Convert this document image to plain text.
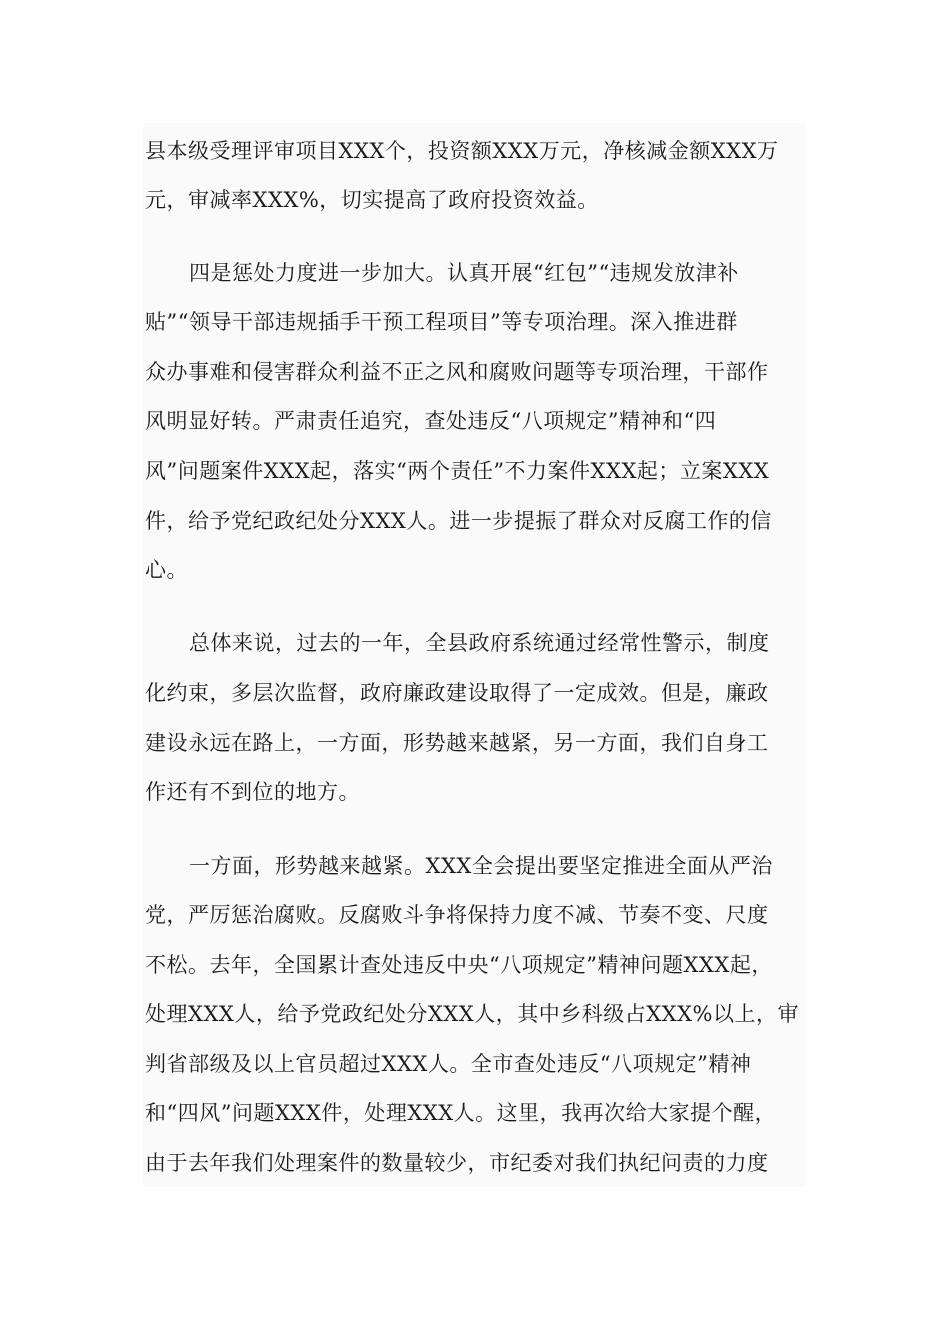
县本级受理评审项目XXX个，投资额XXX万元，净核减金额XXX万
元，审减率XXX%，切实提高了政府投资效益。
四是惩处力度进一步加大。认真开展“红包”“违规发放津补
贴”“领导干部违规插手干预工程项目”等专项治理。深入推进群
众办事难和侵害群众利益不正之风和腐败问题等专项治理，干部作
风明显好转。严肃责任追究，查处违反“八项规定”精神和“四
风”问题案件XXX起，落实“两个责任”不力案件XXX起；立案XXX
件，给予党纪政纪处分XXX人。进一步提振了群众对反腐工作的信
心。
总体来说，过去的一年，全县政府系统通过经常性警示，制度
化约束，多层次监督，政府廉政建设取得了一定成效。但是，廉政
建设永远在路上，一方面，形势越来越紧，另一方面，我们自身工
作还有不到位的地方。
一方面，形势越来越紧。XXX全会提出要坚定推进全面从严治
党，严厉惩治腐败。反腐败斗争将保持力度不减、节奏不变、尺度
不松。去年，全国累计查处违反中央“八项规定”精神问题XXX起，
处理XXX人，给予党政纪处分XXX人，其中乡科级占XXX%以上，审
判省部级及以上官员超过XXX人。全市查处违反“八项规定”精神
和“四风”问题XXX件，处理XXX人。这里，我再次给大家提个醒，
由于去年我们处理案件的数量较少，市纪委对我们执纪问责的力度
